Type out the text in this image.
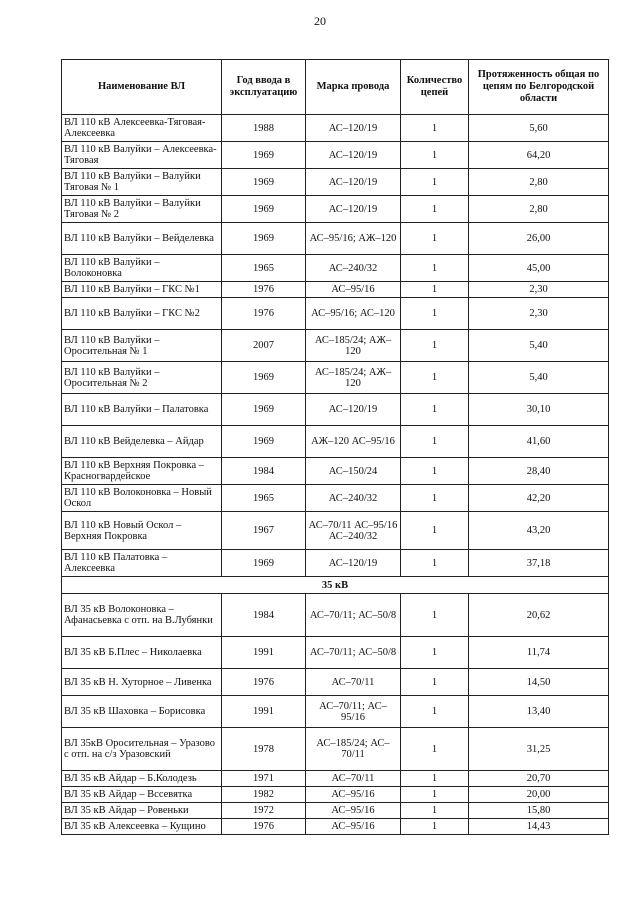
20
Наименование ВЛ	Год ввода в эксплуатацию	Марка провода	Количество цепей	Протяженность общая по цепям по Белгородской области
ВЛ 110 кВ Алексеевка-Тяговая-Алексеевка	1988	АС–120/19	1	5,60
ВЛ 110 кВ Валуйки – Алексеевка-Тяговая	1969	АС–120/19	1	64,20
ВЛ 110 кВ Валуйки – Валуйки Тяговая № 1	1969	АС–120/19	1	2,80
ВЛ 110 кВ Валуйки – Валуйки Тяговая № 2	1969	АС–120/19	1	2,80
ВЛ 110 кВ Валуйки – Вейделевка	1969	АС–95/16; АЖ–120	1	26,00
ВЛ 110 кВ Валуйки – Волоконовка	1965	АС–240/32	1	45,00
ВЛ 110 кВ Валуйки – ГКС №1	1976	АС–95/16	1	2,30
ВЛ 110 кВ Валуйки – ГКС №2	1976	АС–95/16; АС–120	1	2,30
ВЛ 110 кВ Валуйки – Оросительная № 1	2007	АС–185/24; АЖ–120	1	5,40
ВЛ 110 кВ Валуйки – Оросительная № 2	1969	АС–185/24; АЖ–120	1	5,40
ВЛ 110 кВ Валуйки – Палатовка	1969	АС–120/19	1	30,10
ВЛ 110 кВ Вейделевка – Айдар	1969	АЖ–120 АС–95/16	1	41,60
ВЛ 110 кВ Верхняя Покровка – Красногвардейское	1984	АС–150/24	1	28,40
ВЛ 110 кВ Волоконовка – Новый Оскол	1965	АС–240/32	1	42,20
ВЛ 110 кВ Новый Оскол – Верхняя Покровка	1967	АС–70/11 АС–95/16 АС–240/32	1	43,20
ВЛ 110 кВ Палатовка – Алексеевка	1969	АС–120/19	1	37,18
35 кВ				
ВЛ 35 кВ Волоконовка – Афанасьевка с отп. на В.Лубянки	1984	АС–70/11; АС–50/8	1	20,62
ВЛ 35 кВ Б.Плес – Николаевка	1991	АС–70/11; АС–50/8	1	11,74
ВЛ 35 кВ Н. Хуторное – Ливенка	1976	АС–70/11	1	14,50
ВЛ 35 кВ Шаховка – Борисовка	1991	АС–70/11; АС–95/16	1	13,40
ВЛ 35кВ Оросительная – Уразово с отп. на с/з Уразовский	1978	АС–185/24; АС–70/11	1	31,25
ВЛ 35 кВ Айдар – Б.Колодезь	1971	АС–70/11	1	20,70
ВЛ 35 кВ Айдар – Вссевятка	1982	АС–95/16	1	20,00
ВЛ 35 кВ Айдар – Ровеньки	1972	АС–95/16	1	15,80
ВЛ 35 кВ Алексеевка – Кущино	1976	АС–95/16	1	14,43
